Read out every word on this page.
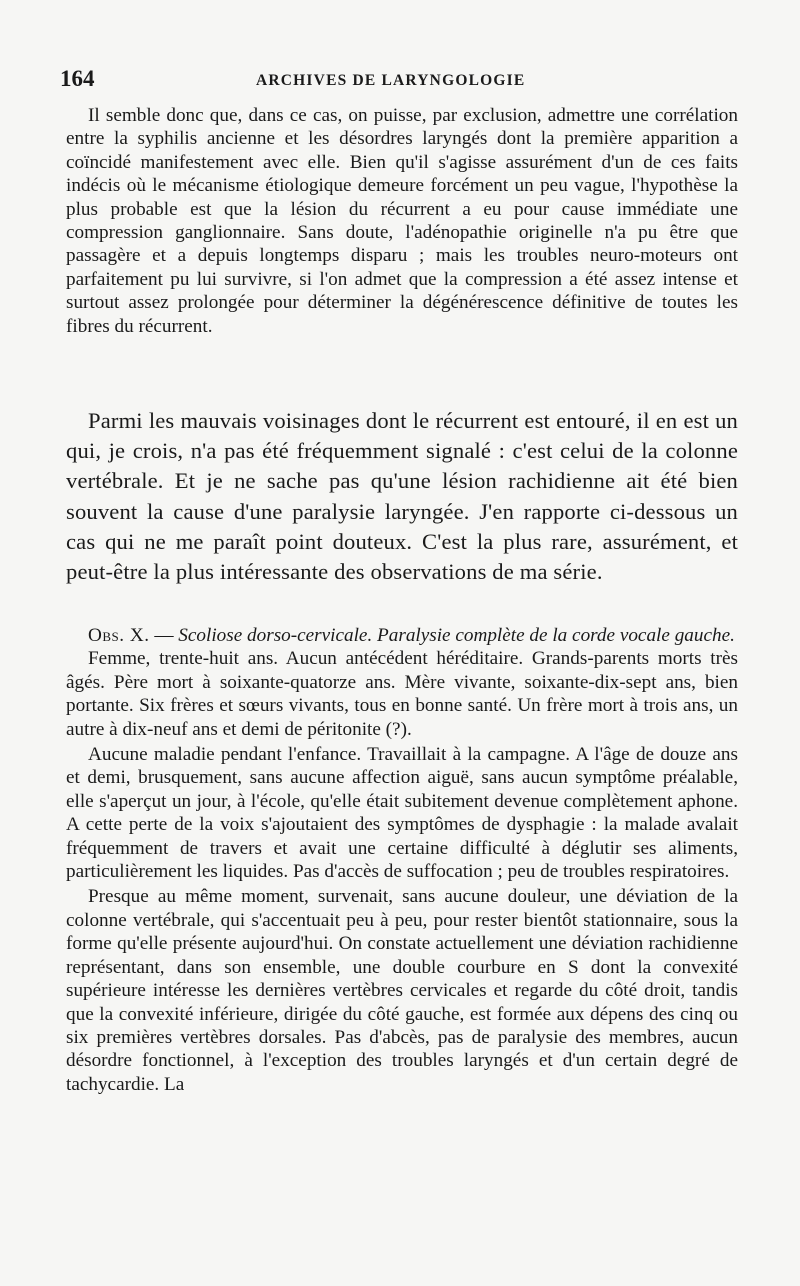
164	ARCHIVES DE LARYNGOLOGIE

Il semble donc que, dans ce cas, on puisse, par exclusion, admettre une corrélation entre la syphilis ancienne et les désordres laryngés dont la première apparition a coïncidé manifestement avec elle. Bien qu'il s'agisse assurément d'un de ces faits indécis où le mécanisme étiologique demeure forcément un peu vague, l'hypothèse la plus probable est que la lésion du récurrent a eu pour cause immédiate une compression ganglionnaire. Sans doute, l'adénopathie originelle n'a pu être que passagère et a depuis longtemps disparu ; mais les troubles neuro-moteurs ont parfaitement pu lui survivre, si l'on admet que la compression a été assez intense et surtout assez prolongée pour déterminer la dégénérescence définitive de toutes les fibres du récurrent.

Parmi les mauvais voisinages dont le récurrent est entouré, il en est un qui, je crois, n'a pas été fréquemment signalé : c'est celui de la colonne vertébrale. Et je ne sache pas qu'une lésion rachidienne ait été bien souvent la cause d'une paralysie laryngée. J'en rapporte ci-dessous un cas qui ne me paraît point douteux. C'est la plus rare, assurément, et peut-être la plus intéressante des observations de ma série.

Obs. X. — Scoliose dorso-cervicale. Paralysie complète de la corde vocale gauche.

Femme, trente-huit ans. Aucun antécédent héréditaire. Grands-parents morts très âgés. Père mort à soixante-quatorze ans. Mère vivante, soixante-dix-sept ans, bien portante. Six frères et sœurs vivants, tous en bonne santé. Un frère mort à trois ans, un autre à dix-neuf ans et demi de péritonite (?).

Aucune maladie pendant l'enfance. Travaillait à la campagne. A l'âge de douze ans et demi, brusquement, sans aucune affection aiguë, sans aucun symptôme préalable, elle s'aperçut un jour, à l'école, qu'elle était subitement devenue complètement aphone. A cette perte de la voix s'ajoutaient des symptômes de dysphagie : la malade avalait fréquemment de travers et avait une certaine difficulté à déglutir ses aliments, particulièrement les liquides. Pas d'accès de suffocation ; peu de troubles respiratoires.

Presque au même moment, survenait, sans aucune douleur, une déviation de la colonne vertébrale, qui s'accentuait peu à peu, pour rester bientôt stationnaire, sous la forme qu'elle présente aujourd'hui. On constate actuellement une déviation rachidienne représentant, dans son ensemble, une double courbure en S dont la convexité supérieure intéresse les dernières vertèbres cervicales et regarde du côté droit, tandis que la convexité inférieure, dirigée du côté gauche, est formée aux dépens des cinq ou six premières vertèbres dorsales. Pas d'abcès, pas de paralysie des membres, aucun désordre fonctionnel, à l'exception des troubles laryngés et d'un certain degré de tachycardie. La
